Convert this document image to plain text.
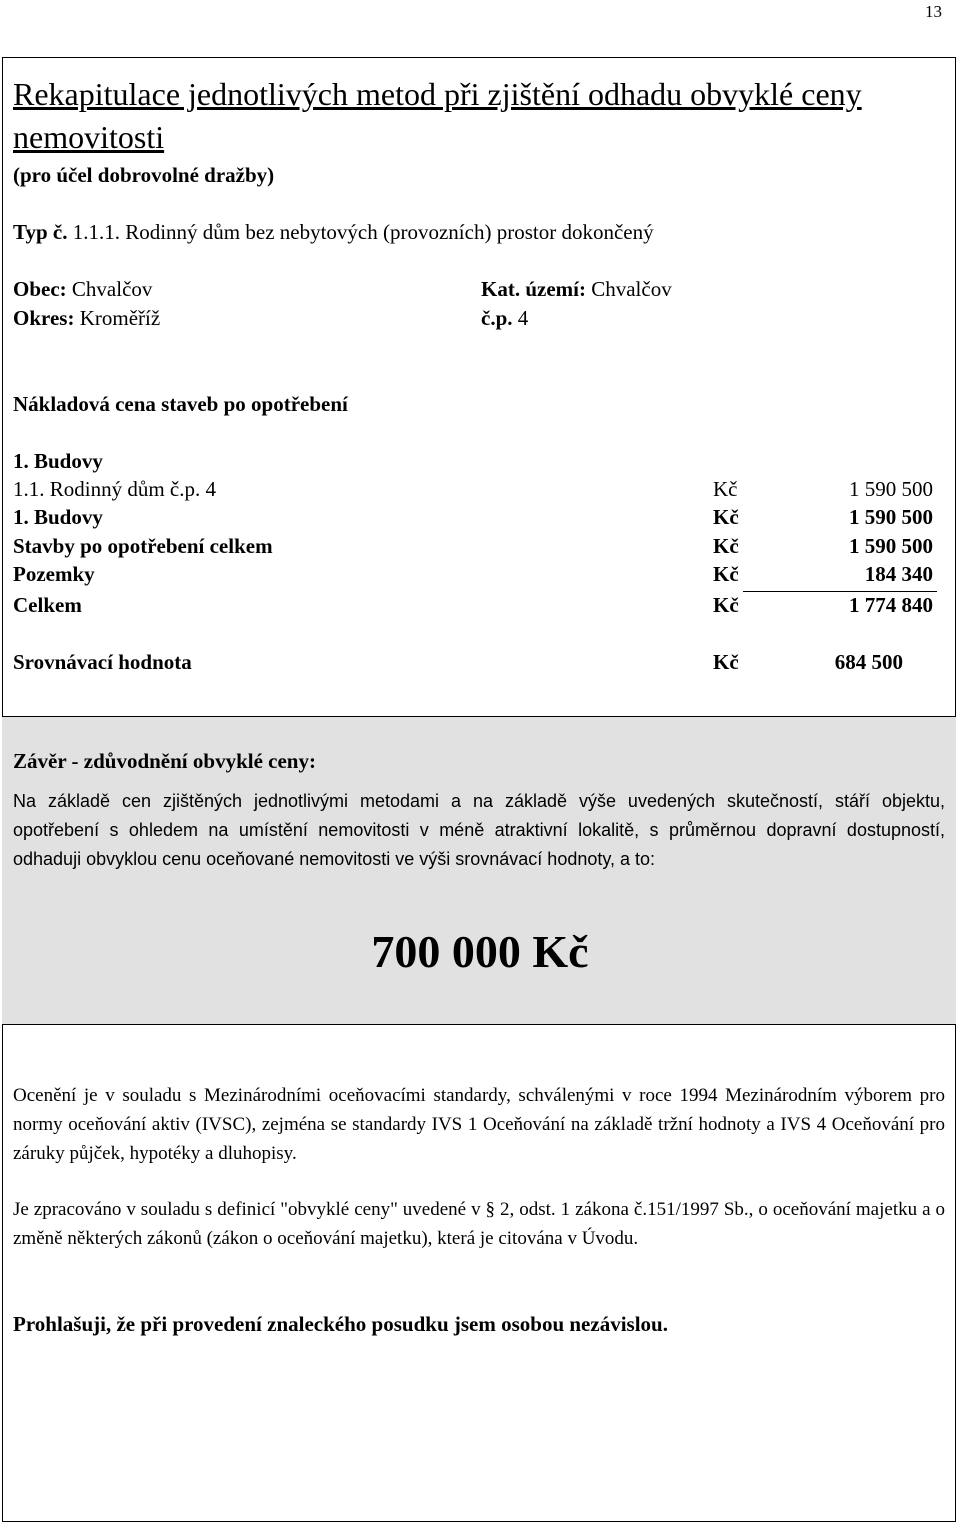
13
Rekapitulace jednotlivých metod při zjištění odhadu obvyklé ceny nemovitosti
(pro účel dobrovolné dražby)
Typ č. 1.1.1. Rodinný dům bez nebytových (provozních) prostor dokončený
Obec: Chvalčov
Okres: Kroměříž
Kat. území: Chvalčov
č.p. 4
Nákladová cena staveb po opotřebení
1. Budovy
1.1. Rodinný dům č.p. 4	Kč	1 590 500
1. Budovy	Kč	1 590 500
Stavby po opotřebení celkem	Kč	1 590 500
Pozemky	Kč	184 340
Celkem	Kč	1 774 840
Srovnávací hodnota	Kč	684 500
Závěr - zdůvodnění obvyklé ceny:
Na základě cen zjištěných jednotlivými metodami a na základě výše uvedených skutečností, stáří objektu, opotřebení s ohledem na umístění nemovitosti v méně atraktivní lokalitě, s průměrnou dopravní dostupností, odhaduji obvyklou cenu oceňované nemovitosti ve výši srovnávací hodnoty, a to:
700 000 Kč
Ocenění je v souladu s Mezinárodními oceňovacími standardy, schválenými v roce 1994 Mezinárodním výborem pro normy oceňování aktiv (IVSC), zejména se standardy IVS 1 Oceňování na základě tržní hodnoty a IVS 4 Oceňování pro záruky půjček, hypotéky a dluhopisy.
Je zpracováno v souladu s definicí "obvyklé ceny" uvedené v § 2, odst. 1 zákona č.151/1997 Sb., o oceňování majetku a o změně některých zákonů (zákon o oceňování majetku), která je citována v Úvodu.
Prohlašuji, že při provedení znaleckého posudku jsem osobou nezávislou.
